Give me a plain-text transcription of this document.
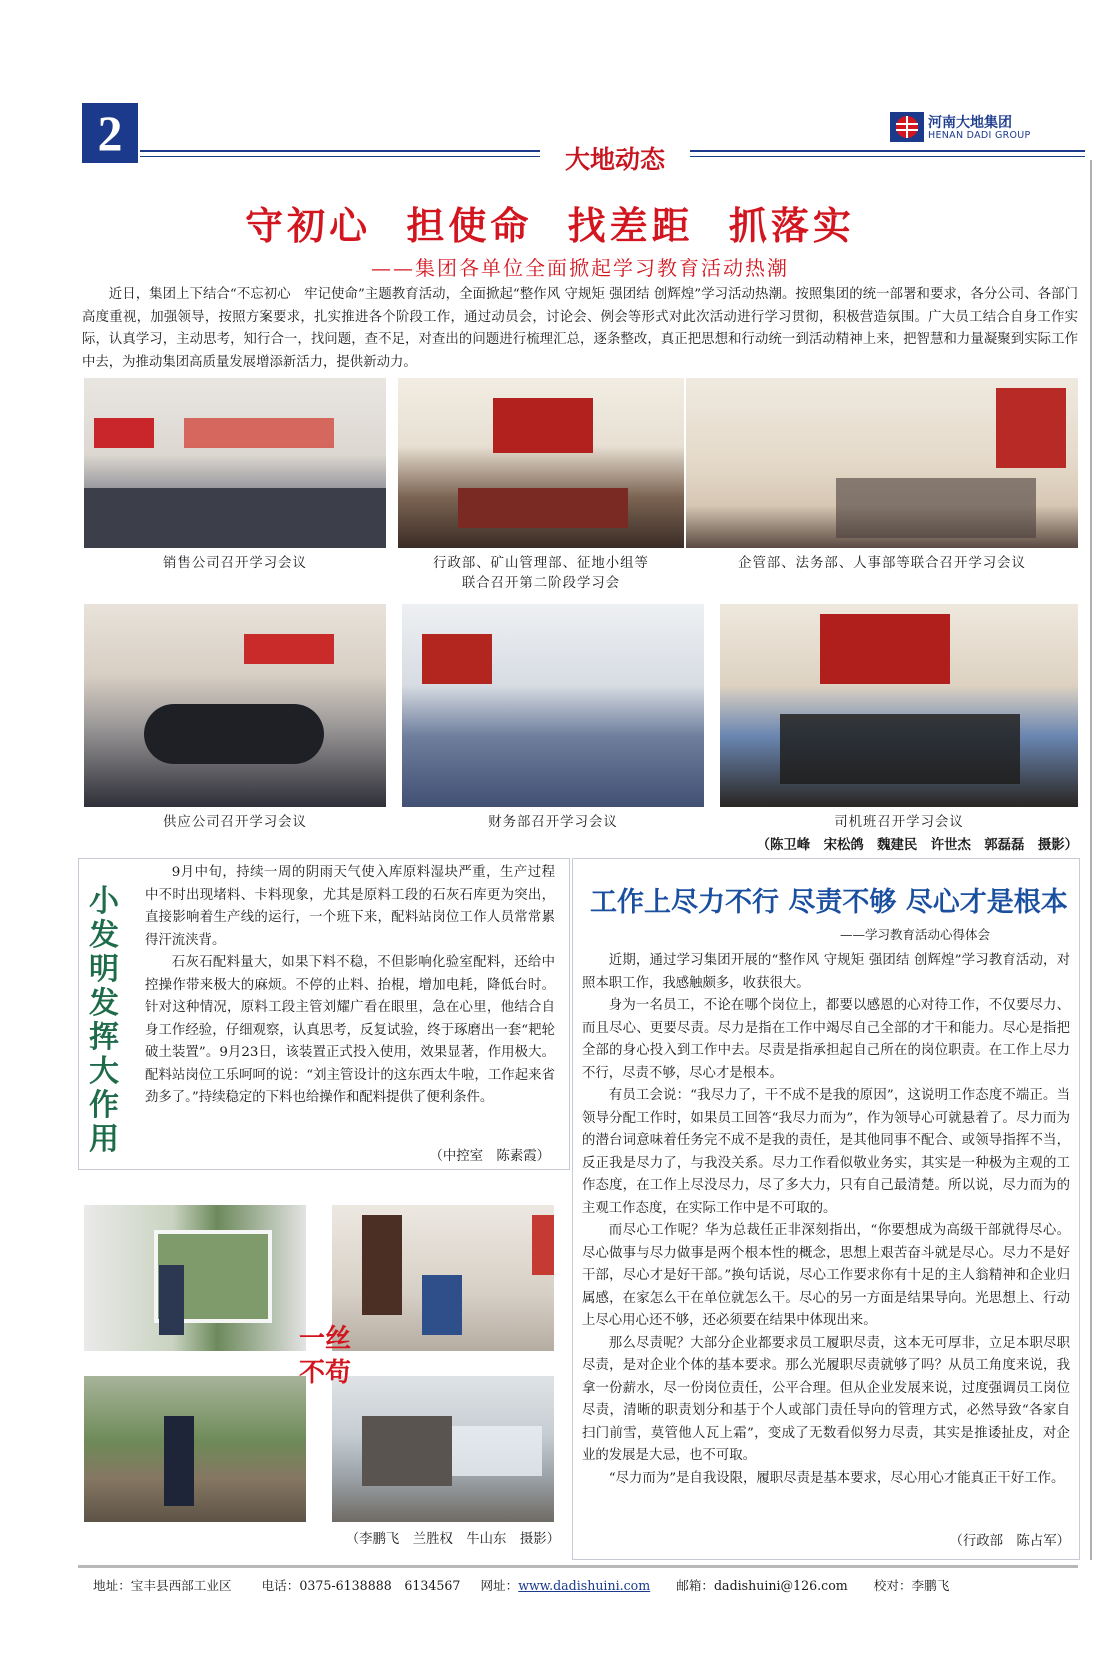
2	大地动态
河南大地集团
HENAN DADI GROUP
守初心 担使命 找差距 抓落实
——集团各单位全面掀起学习教育活动热潮
近日，集团上下结合“不忘初心　牢记使命”主题教育活动，全面掀起“整作风 守规矩 强团结 创辉煌”学习活动热潮。按照集团的统一部署和要求，各分公司、各部门高度重视，加强领导，按照方案要求，扎实推进各个阶段工作，通过动员会，讨论会、例会等形式对此次活动进行学习贯彻，积极营造氛围。广大员工结合自身工作实际，认真学习，主动思考，知行合一，找问题，查不足，对查出的问题进行梳理汇总，逐条整改，真正把思想和行动统一到活动精神上来，把智慧和力量凝聚到实际工作中去，为推动集团高质量发展增添新活力，提供新动力。
销售公司召开学习会议	行政部、矿山管理部、征地小组等
联合召开第二阶段学习会
企管部、法务部、人事部等联合召开学习会议
供应公司召开学习会议	财务部召开学习会议	司机班召开学习会议
（陈卫峰　宋松鸽　魏建民　许世杰　郭磊磊　摄影）
小
发
明
发
挥
大
作
用

9月中旬，持续一周的阴雨天气使入库原料湿块严重，生产过程中不时出现堵料、卡料现象，尤其是原料工段的石灰石库更为突出，直接影响着生产线的运行，一个班下来，配料站岗位工作人员常常累得汗流浃背。

石灰石配料量大，如果下料不稳，不但影响化验室配料，还给中控操作带来极大的麻烦。不停的止料、抬棍，增加电耗，降低台时。针对这种情况，原料工段主管刘耀广看在眼里，急在心里，他结合自身工作经验，仔细观察，认真思考，反复试验，终于琢磨出一套“耙轮破土装置”。9月23日，该装置正式投入使用，效果显著，作用极大。配料站岗位工乐呵呵的说：“刘主管设计的这东西太牛啦，工作起来省劲多了。”持续稳定的下料也给操作和配料提供了便利条件。

（中控室　陈素霞）
一丝
不苟
（李鹏飞　兰胜权　牛山东　摄影）
工作上尽力不行 尽责不够 尽心才是根本
——学习教育活动心得体会

近期，通过学习集团开展的“整作风 守规矩 强团结 创辉煌”学习教育活动，对照本职工作，我感触颇多，收获很大。

身为一名员工，不论在哪个岗位上，都要以感恩的心对待工作，不仅要尽力、而且尽心、更要尽责。尽力是指在工作中竭尽自己全部的才干和能力。尽心是指把全部的身心投入到工作中去。尽责是指承担起自己所在的岗位职责。在工作上尽力不行，尽责不够，尽心才是根本。

有员工会说：“我尽力了，干不成不是我的原因”，这说明工作态度不端正。当领导分配工作时，如果员工回答“我尽力而为”，作为领导心可就悬着了。尽力而为的潜台词意味着任务完不成不是我的责任，是其他同事不配合、或领导指挥不当，反正我是尽力了，与我没关系。尽力工作看似敬业务实，其实是一种极为主观的工作态度，在工作上尽没尽力，尽了多大力，只有自己最清楚。所以说，尽力而为的主观工作态度，在实际工作中是不可取的。

而尽心工作呢？华为总裁任正非深刻指出，“你要想成为高级干部就得尽心。尽心做事与尽力做事是两个根本性的概念，思想上艰苦奋斗就是尽心。尽力不是好干部，尽心才是好干部。”换句话说，尽心工作要求你有十足的主人翁精神和企业归属感，在家怎么干在单位就怎么干。尽心的另一方面是结果导向。光思想上、行动上尽心用心还不够，还必须要在结果中体现出来。

那么尽责呢？大部分企业都要求员工履职尽责，这本无可厚非，立足本职尽职尽责，是对企业个体的基本要求。那么光履职尽责就够了吗？从员工角度来说，我拿一份薪水，尽一份岗位责任，公平合理。但从企业发展来说，过度强调员工岗位尽责，清晰的职责划分和基于个人或部门责任导向的管理方式，必然导致“各家自扫门前雪，莫管他人瓦上霜”，变成了无数看似努力尽责，其实是推诿扯皮，对企业的发展是大忌，也不可取。

“尽力而为”是自我设限，履职尽责是基本要求，尽心用心才能真正干好工作。

（行政部　陈占军）
地址：宝丰县西部工业区 电话：0375-6138888　6134567 网址：www.dadishuini.com 邮箱：dadishuini@126.com 校对：李鹏飞
